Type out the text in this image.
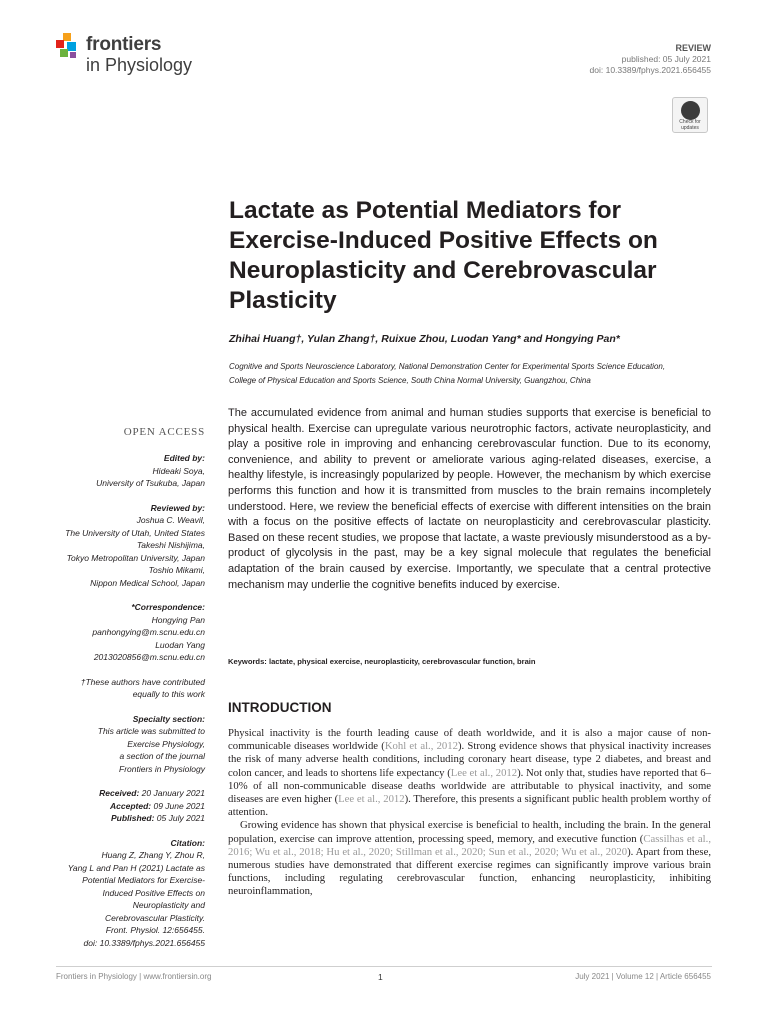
frontiers
in Physiology
REVIEW
published: 05 July 2021
doi: 10.3389/fphys.2021.656455
Check for updates
Lactate as Potential Mediators for Exercise-Induced Positive Effects on Neuroplasticity and Cerebrovascular Plasticity
Zhihai Huang†, Yulan Zhang†, Ruixue Zhou, Luodan Yang* and Hongying Pan*
Cognitive and Sports Neuroscience Laboratory, National Demonstration Center for Experimental Sports Science Education,
College of Physical Education and Sports Science, South China Normal University, Guangzhou, China
OPEN ACCESS
Edited by:
Hideaki Soya,
University of Tsukuba, Japan
Reviewed by:
Joshua C. Weavil,
The University of Utah, United States
Takeshi Nishijima,
Tokyo Metropolitan University, Japan
Toshio Mikami,
Nippon Medical School, Japan
*Correspondence:
Hongying Pan
panhongying@m.scnu.edu.cn
Luodan Yang
2013020856@m.scnu.edu.cn
†These authors have contributed
equally to this work
Specialty section:
This article was submitted to
Exercise Physiology,
a section of the journal
Frontiers in Physiology
Received: 20 January 2021
Accepted: 09 June 2021
Published: 05 July 2021
Citation:
Huang Z, Zhang Y, Zhou R,
Yang L and Pan H (2021) Lactate as
Potential Mediators for Exercise-
Induced Positive Effects on
Neuroplasticity and
Cerebrovascular Plasticity.
Front. Physiol. 12:656455.
doi: 10.3389/fphys.2021.656455
The accumulated evidence from animal and human studies supports that exercise is beneficial to physical health. Exercise can upregulate various neurotrophic factors, activate neuroplasticity, and play a positive role in improving and enhancing cerebrovascular function. Due to its economy, convenience, and ability to prevent or ameliorate various aging-related diseases, exercise, a healthy lifestyle, is increasingly popularized by people. However, the mechanism by which exercise performs this function and how it is transmitted from muscles to the brain remains incompletely understood. Here, we review the beneficial effects of exercise with different intensities on the brain with a focus on the positive effects of lactate on neuroplasticity and cerebrovascular plasticity. Based on these recent studies, we propose that lactate, a waste previously misunderstood as a by-product of glycolysis in the past, may be a key signal molecule that regulates the beneficial adaptation of the brain caused by exercise. Importantly, we speculate that a central protective mechanism may underlie the cognitive benefits induced by exercise.
Keywords: lactate, physical exercise, neuroplasticity, cerebrovascular function, brain
INTRODUCTION

Physical inactivity is the fourth leading cause of death worldwide, and it is also a major cause of non-communicable diseases worldwide (Kohl et al., 2012). Strong evidence shows that physical inactivity increases the risk of many adverse health conditions, including coronary heart disease, type 2 diabetes, and breast and colon cancer, and leads to shortens life expectancy (Lee et al., 2012). Not only that, studies have reported that 6–10% of all non-communicable disease deaths worldwide are attributable to physical inactivity, and some diseases are even higher (Lee et al., 2012). Therefore, this presents a significant public health problem worthy of attention.

Growing evidence has shown that physical exercise is beneficial to health, including the brain. In the general population, exercise can improve attention, processing speed, memory, and executive function (Cassilhas et al., 2016; Wu et al., 2018; Hu et al., 2020; Stillman et al., 2020; Sun et al., 2020; Wu et al., 2020). Apart from these, numerous studies have demonstrated that different exercise regimes can significantly improve various brain functions, including regulating cerebrovascular function, enhancing neuroplasticity, inhibiting neuroinflammation,

Frontiers in Physiology | www.frontiersin.org	1	July 2021 | Volume 12 | Article 656455
